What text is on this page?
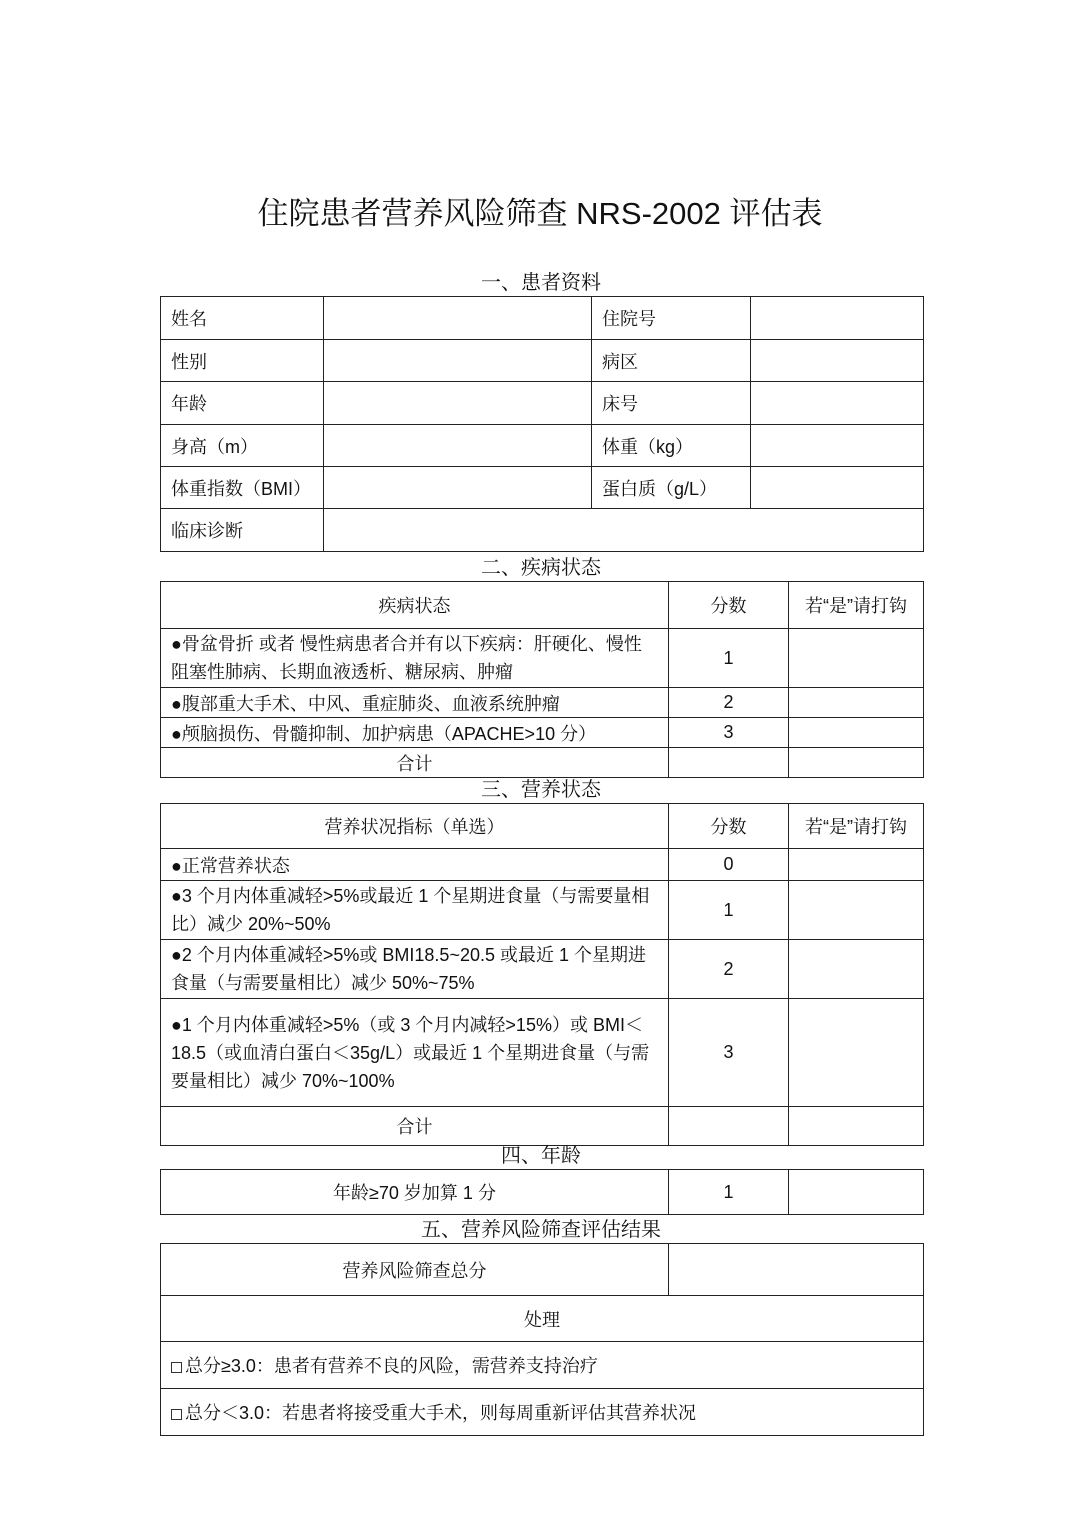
住院患者营养风险筛查 NRS-2002 评估表
一、患者资料
姓名		住院号	
性别		病区	
年龄		床号	
身高（m）		体重（kg）	
体重指数（BMI）		蛋白质（g/L）	
临床诊断			
二、疾病状态
疾病状态	分数	若“是”请打钩
●骨盆骨折 或者 慢性病患者合并有以下疾病：肝硬化、慢性阻塞性肺病、长期血液透析、糖尿病、肿瘤	1	
●腹部重大手术、中风、重症肺炎、血液系统肿瘤	2	
●颅脑损伤、骨髓抑制、加护病患（APACHE>10 分）	3	
合计		
三、营养状态
营养状况指标（单选）	分数	若“是”请打钩
●正常营养状态	0	
●3 个月内体重减轻>5%或最近 1 个星期进食量（与需要量相比）减少 20%~50%	1	
●2 个月内体重减轻>5%或 BMI18.5~20.5 或最近 1 个星期进食量（与需要量相比）减少 50%~75%	2	
●1 个月内体重减轻>5%（或 3 个月内减轻>15%）或 BMI＜18.5（或血清白蛋白＜35g/L）或最近 1 个星期进食量（与需要量相比）减少 70%~100%	3	
合计		
四、年龄
年龄≥70 岁加算 1 分	1	
五、营养风险筛查评估结果
营养风险筛查总分	
处理
总分≥3.0：患者有营养不良的风险，需营养支持治疗
总分＜3.0：若患者将接受重大手术，则每周重新评估其营养状况
